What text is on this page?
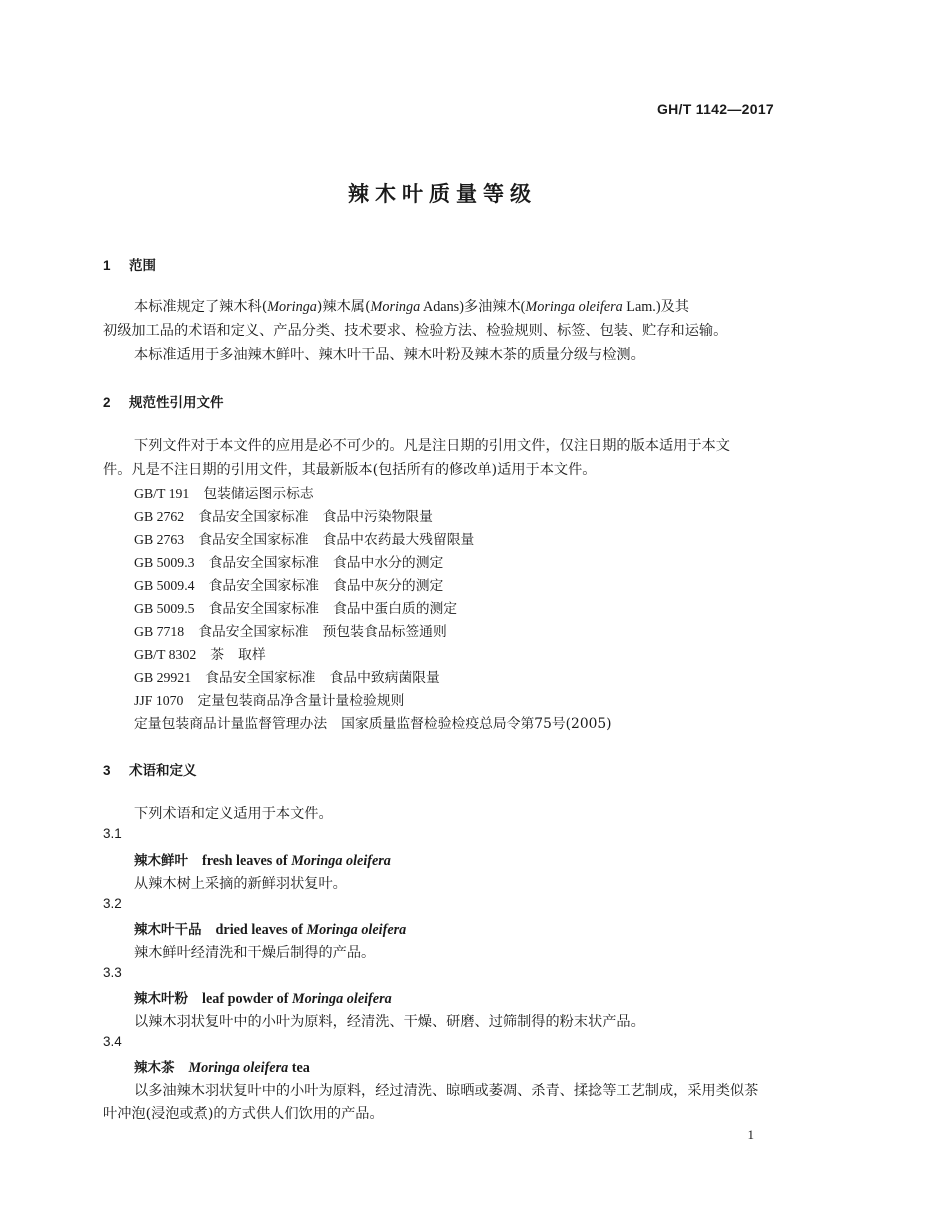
GH/T 1142—2017
辣木叶质量等级
1 范围
本标准规定了辣木科(Moringa)辣木属(Moringa Adans)多油辣木(Moringa oleifera Lam.)及其
初级加工品的术语和定义、产品分类、技术要求、检验方法、检验规则、标签、包装、贮存和运输。
本标准适用于多油辣木鲜叶、辣木叶干品、辣木叶粉及辣木茶的质量分级与检测。
2 规范性引用文件
下列文件对于本文件的应用是必不可少的。凡是注日期的引用文件，仅注日期的版本适用于本文
件。凡是不注日期的引用文件，其最新版本(包括所有的修改单)适用于本文件。
GB/T 191 包装储运图示标志
GB 2762 食品安全国家标准 食品中污染物限量
GB 2763 食品安全国家标准 食品中农药最大残留限量
GB 5009.3 食品安全国家标准 食品中水分的测定
GB 5009.4 食品安全国家标准 食品中灰分的测定
GB 5009.5 食品安全国家标准 食品中蛋白质的测定
GB 7718 食品安全国家标准 预包装食品标签通则
GB/T 8302 茶 取样
GB 29921 食品安全国家标准 食品中致病菌限量
JJF 1070 定量包装商品净含量计量检验规则
定量包装商品计量监督管理办法 国家质量监督检验检疫总局令第75号(2005)
3 术语和定义
下列术语和定义适用于本文件。
3.1
辣木鲜叶 fresh leaves of Moringa oleifera
从辣木树上采摘的新鲜羽状复叶。
3.2
辣木叶干品 dried leaves of Moringa oleifera
辣木鲜叶经清洗和干燥后制得的产品。
3.3
辣木叶粉 leaf powder of Moringa oleifera
以辣木羽状复叶中的小叶为原料，经清洗、干燥、研磨、过筛制得的粉末状产品。
3.4
辣木茶 Moringa oleifera tea
以多油辣木羽状复叶中的小叶为原料，经过清洗、晾晒或萎凋、杀青、揉捻等工艺制成，采用类似茶
叶冲泡(浸泡或煮)的方式供人们饮用的产品。
1
